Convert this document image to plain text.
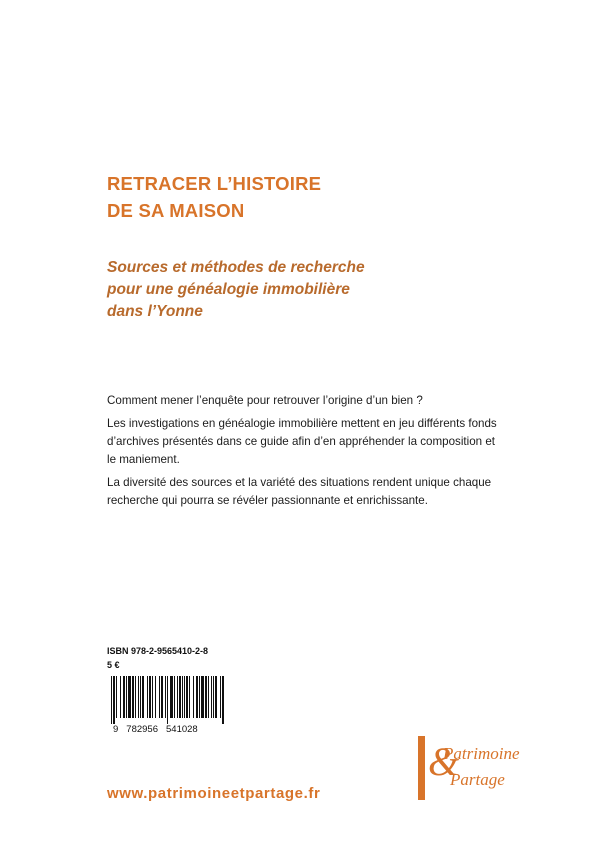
RETRACER L’HISTOIRE
DE SA MAISON
Sources et méthodes de recherche
pour une généalogie immobilière
dans l’Yonne

Comment mener l’enquête pour retrouver l’origine d’un bien ?

Les investigations en généalogie immobilière mettent en jeu différents fonds d’archives présentés dans ce guide afin d’en appréhender la composition et le maniement.

La diversité des sources et la variété des situations rendent unique chaque recherche qui pourra se révéler passionnante et enrichissante.

ISBN 978-2-9565410-2-8
5 €
9 782956 541028
&
Patrimoine
Partage
www.patrimoineetpartage.fr
